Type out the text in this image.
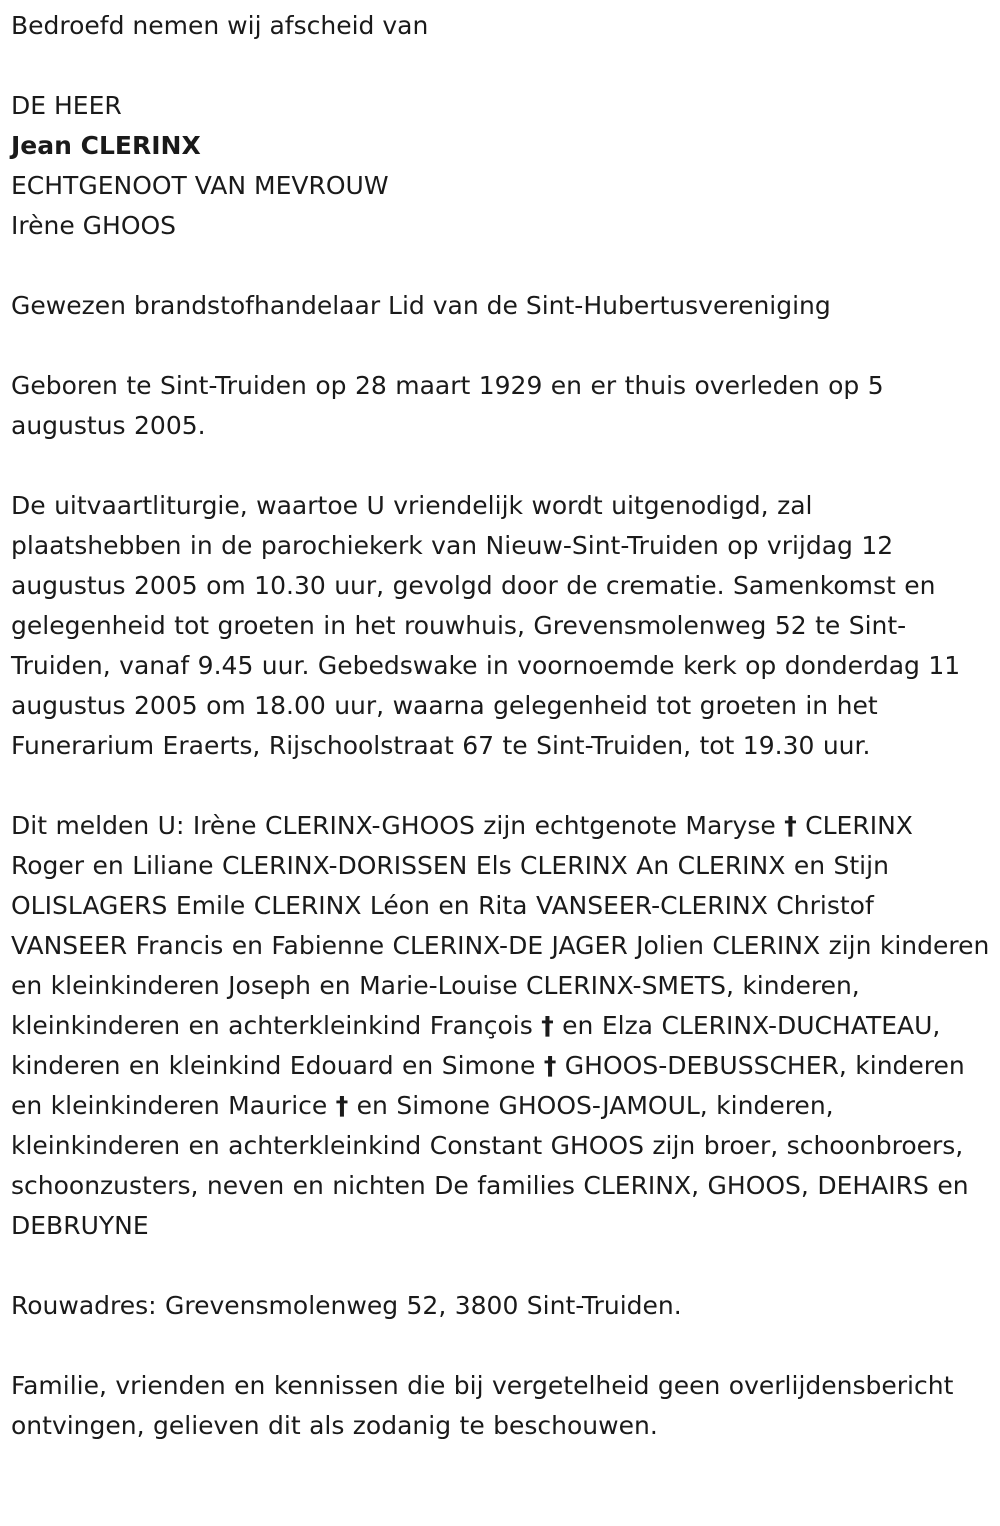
Bedroefd nemen wij afscheid van

DE HEER

Jean CLERINX

ECHTGENOOT VAN MEVROUW

Irène GHOOS

Gewezen brandstofhandelaar Lid van de Sint-Hubertusvereniging

Geboren te Sint-Truiden op 28 maart 1929 en er thuis overleden op 5 augustus 2005.

De uitvaartliturgie, waartoe U vriendelijk wordt uitgenodigd, zal plaatshebben in de parochiekerk van Nieuw-Sint-Truiden op vrijdag 12 augustus 2005 om 10.30 uur, gevolgd door de crematie. Samenkomst en gelegenheid tot groeten in het rouwhuis, Grevensmolenweg 52 te Sint-Truiden, vanaf 9.45 uur. Gebedswake in voornoemde kerk op donderdag 11 augustus 2005 om 18.00 uur, waarna gelegenheid tot groeten in het Funerarium Eraerts, Rijschoolstraat 67 te Sint-Truiden, tot 19.30 uur.

Dit melden U: Irène CLERINX-GHOOS zijn echtgenote Maryse † CLERINX Roger en Liliane CLERINX-DORISSEN Els CLERINX An CLERINX en Stijn OLISLAGERS Emile CLERINX Léon en Rita VANSEER-CLERINX Christof VANSEER Francis en Fabienne CLERINX-DE JAGER Jolien CLERINX zijn kinderen en kleinkinderen Joseph en Marie-Louise CLERINX-SMETS, kinderen, kleinkinderen en achterkleinkind François † en Elza CLERINX-DUCHATEAU, kinderen en kleinkind Edouard en Simone † GHOOS-DEBUSSCHER, kinderen en kleinkinderen Maurice † en Simone GHOOS-JAMOUL, kinderen, kleinkinderen en achterkleinkind Constant GHOOS zijn broer, schoonbroers, schoonzusters, neven en nichten De families CLERINX, GHOOS, DEHAIRS en DEBRUYNE

Rouwadres: Grevensmolenweg 52, 3800 Sint-Truiden.

Familie, vrienden en kennissen die bij vergetelheid geen overlijdensbericht ontvingen, gelieven dit als zodanig te beschouwen.
